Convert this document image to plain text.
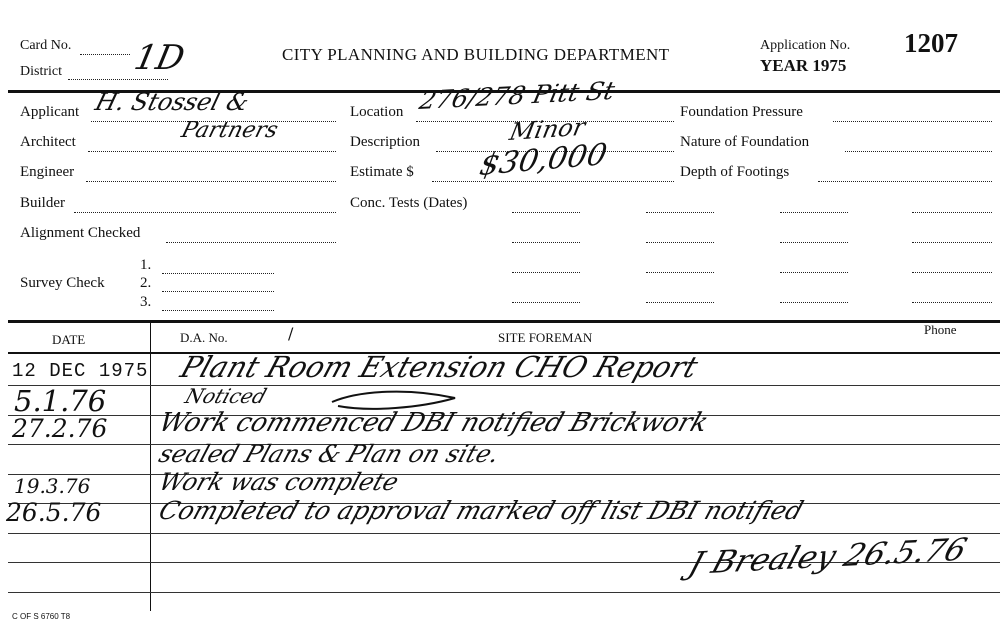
Card No. 1D
District
CITY PLANNING AND BUILDING DEPARTMENT	Application No. 1207
YEAR 1975
Applicant H. Stossel &
Architect	Partners
Engineer
Builder
Alignment Checked
Survey Check
1.
2.
3.
Location 276/278 Pitt St
Description	Minor
Estimate $ $30,000
Conc. Tests (Dates)
Foundation Pressure
Nature of Foundation
Depth of Footings
DATE	D.A. No.	/	SITE FOREMAN
Phone
12 DEC 1975 Plant Room Extension CHO Report
5.1.76	Noticed
27.2.76 Work commenced DBI notified Brickwork
sealed Plans & Plan on site.
19.3.76	Work was complete
26.5.76 Completed to approval marked off list DBI notified
J Brealey 26.5.76
C OF S 6760 T8
